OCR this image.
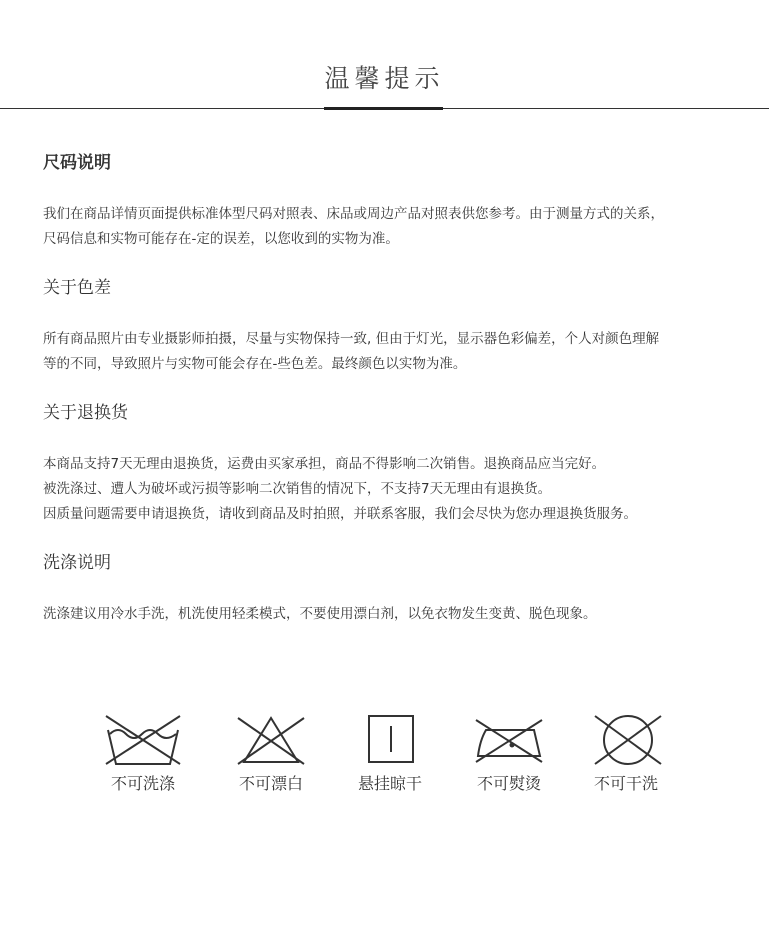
温馨提示
尺码说明
我们在商品详情页面提供标准体型尺码对照表、床品或周边产品对照表供您参考。由于测量方式的关系，
尺码信息和实物可能存在-定的误差，以您收到的实物为准。
关于色差
所有商品照片由专业摄影师拍摄，尽量与实物保持一致, 但由于灯光，显示器色彩偏差，个人对颜色理解
等的不同，导致照片与实物可能会存在-些色差。最终颜色以实物为准。
关于退换货
本商品支持7天无理由退换货，运费由买家承担，商品不得影响二次销售。退换商品应当完好。
被洗涤过、遭人为破坏或污损等影响二次销售的情况下，不支持7天无理由有退换货。
因质量问题需要申请退换货，请收到商品及时拍照，并联系客服，我们会尽快为您办理退换货服务。
洗涤说明
洗涤建议用冷水手洗，机洗使用轻柔模式，不要使用漂白剂，以免衣物发生变黄、脱色现象。
不可洗涤	不可漂白	悬挂晾干	不可熨烫	不可干洗
